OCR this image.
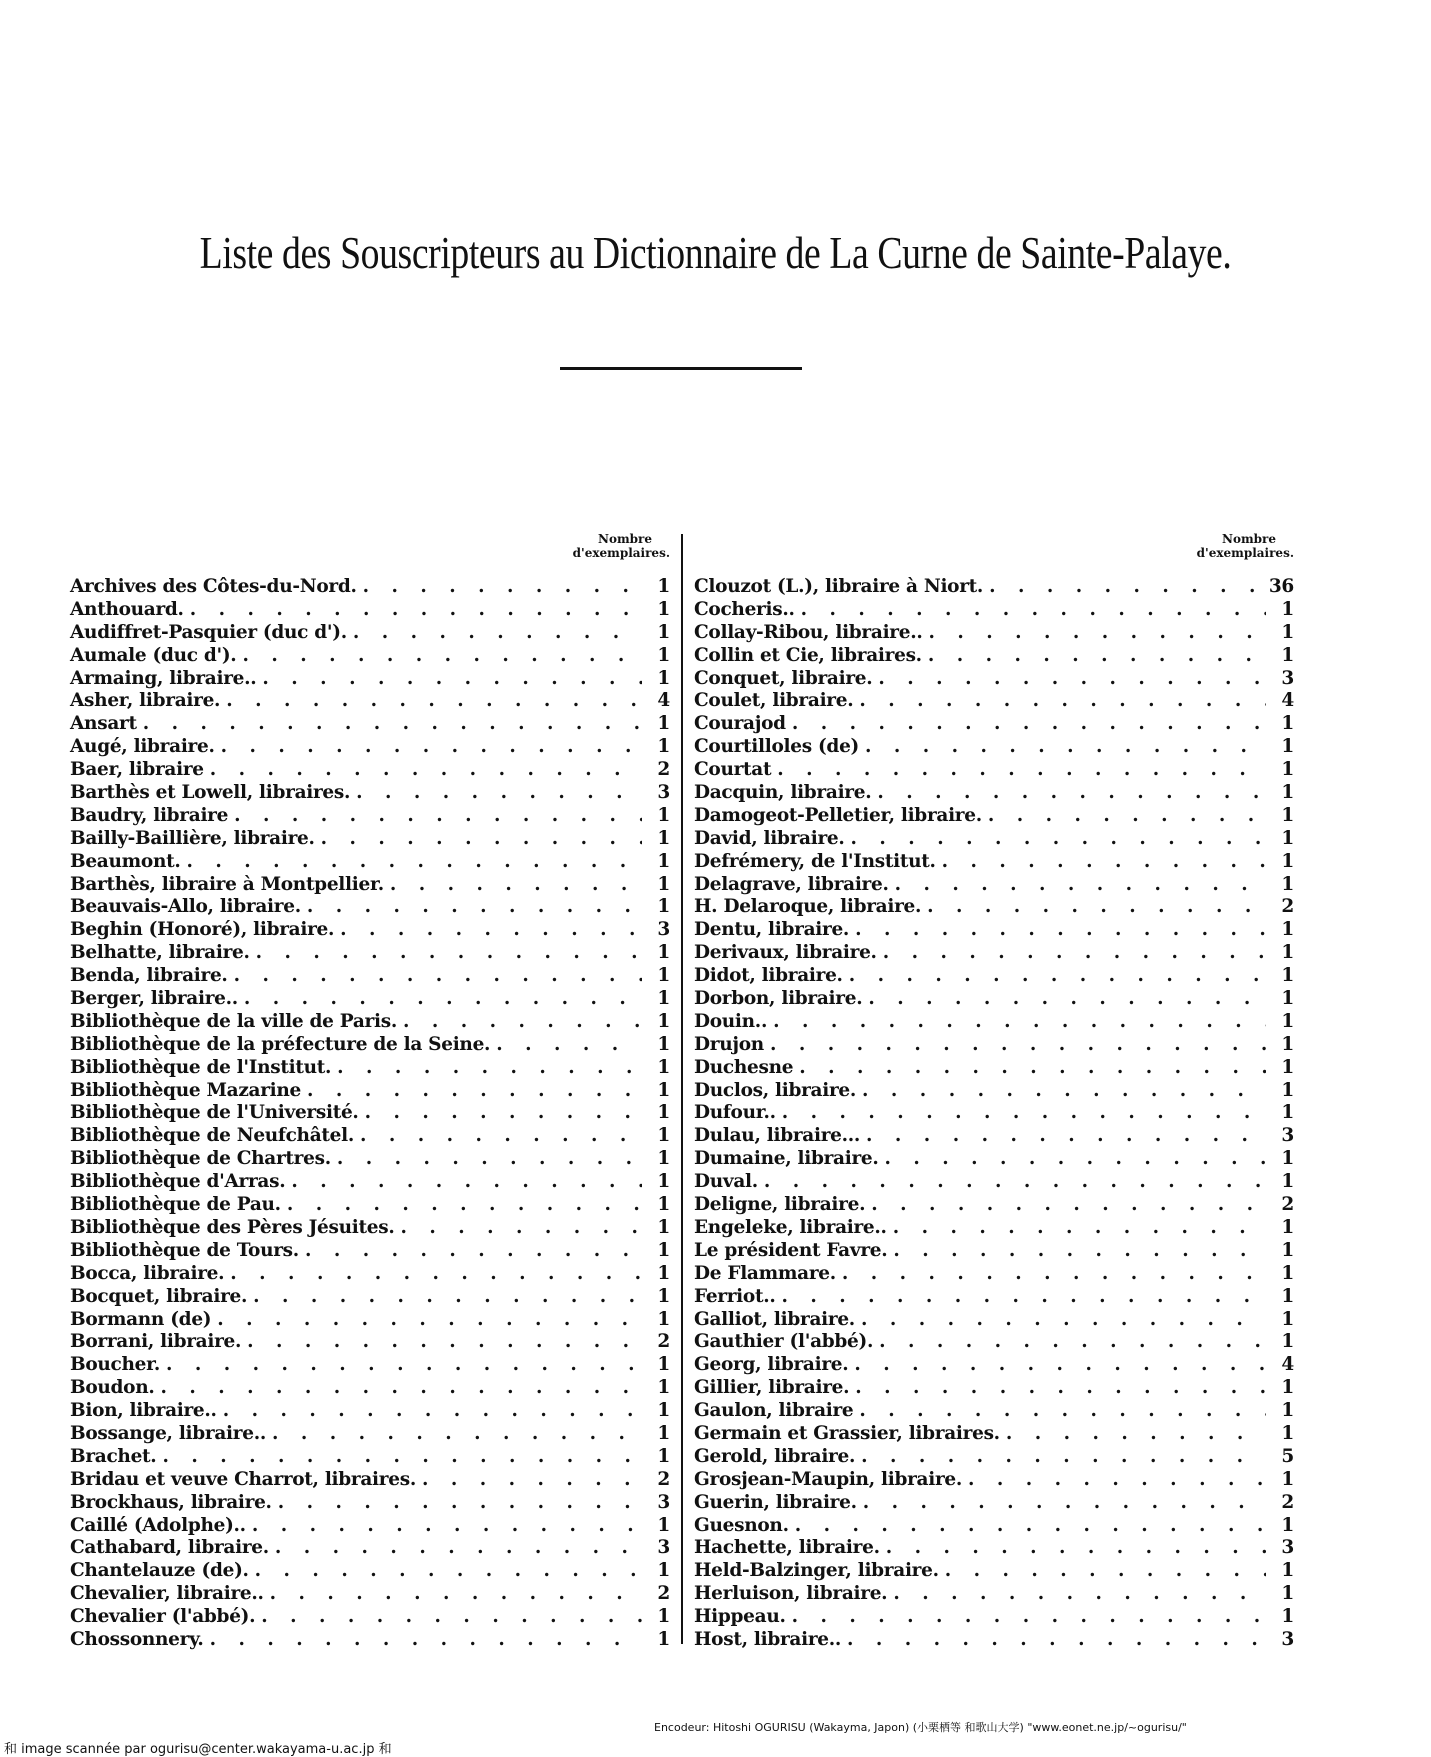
Liste des Souscripteurs au Dictionnaire de La Curne de Sainte-Palaye.
Nombre
d'exemplaires.
Archives des Côtes-du-Nord. . . .	1
Anthouard. . . .	1
Audiffret-Pasquier (duc d'). . . .	1
Aumale (duc d'). . . .	1
Armaing, libraire.. . . .	1
Asher, libraire. . . .	4
Ansart . . .	1
Augé, libraire. . . .	1
Baer, libraire . . .	2
Barthès et Lowell, libraires. . . .	3
Baudry, libraire . . .	1
Bailly-Baillière, libraire. . . .	1
Beaumont. . . .	1
Barthès, libraire à Montpellier. . . .	1
Beauvais-Allo, libraire. . . .	1
Beghin (Honoré), libraire. . . .	3
Belhatte, libraire. . . .	1
Benda, libraire. . . .	1
Berger, libraire.. . . .	1
Bibliothèque de la ville de Paris. . . .	1
Bibliothèque de la préfecture de la Seine. . . .	1
Bibliothèque de l'Institut. . . .	1
Bibliothèque Mazarine . . .	1
Bibliothèque de l'Université. . . .	1
Bibliothèque de Neufchâtel. . . .	1
Bibliothèque de Chartres. . . .	1
Bibliothèque d'Arras. . . .	1
Bibliothèque de Pau. . . .	1
Bibliothèque des Pères Jésuites. . . .	1
Bibliothèque de Tours. . . .	1
Bocca, libraire. . . .	1
Bocquet, libraire. . . .	1
Bormann (de) . . .	1
Borrani, libraire. . . .	2
Boucher. . . .	1
Boudon. . . .	1
Bion, libraire.. . . .	1
Bossange, libraire.. . . .	1
Brachet. . . .	1
Bridau et veuve Charrot, libraires. . . .	2
Brockhaus, libraire. . . .	3
Caillé (Adolphe).. . . .	1
Cathabard, libraire. . . .	3
Chantelauze (de). . . .	1
Chevalier, libraire.. . . .	2
Chevalier (l'abbé). . . .	1
Chossonnery. . . .	1
Nombre
d'exemplaires.
Clouzot (L.), libraire à Niort. . . .	36
Cocheris.. . . .	1
Collay-Ribou, libraire.. . . .	1
Collin et Cie, libraires. . . .	1
Conquet, libraire. . . .	3
Coulet, libraire. . . .	4
Courajod . . .	1
Courtilloles (de) . . .	1
Courtat . . .	1
Dacquin, libraire. . . .	1
Damogeot-Pelletier, libraire. . . .	1
David, libraire. . . .	1
Defrémery, de l'Institut. . . .	1
Delagrave, libraire. . . .	1
H. Delaroque, libraire. . . .	2
Dentu, libraire. . . .	1
Derivaux, libraire. . . .	1
Didot, libraire. . . .	1
Dorbon, libraire. . . .	1
Douin.. . . .	1
Drujon . . .	1
Duchesne . . .	1
Duclos, libraire. . . .	1
Dufour.. . . .	1
Dulau, libraire... . . .	3
Dumaine, libraire. . . .	1
Duval. . . .	1
Deligne, libraire. . . .	2
Engeleke, libraire.. . . .	1
Le président Favre. . . .	1
De Flammare. . . .	1
Ferriot.. . . .	1
Galliot, libraire. . . .	1
Gauthier (l'abbé). . . .	1
Georg, libraire. . . .	4
Gillier, libraire. . . .	1
Gaulon, libraire . . .	1
Germain et Grassier, libraires. . . .	1
Gerold, libraire. . . .	5
Grosjean-Maupin, libraire. . . .	1
Guerin, libraire. . . .	2
Guesnon. . . .	1
Hachette, libraire. . . .	3
Held-Balzinger, libraire. . . .	1
Herluison, libraire. . . .	1
Hippeau. . . .	1
Host, libraire.. . . .	3
Encodeur: Hitoshi OGURISU (Wakayma, Japon) (小栗栖等 和歌山大学) "www.eonet.ne.jp/~ogurisu/"
和 image scannée par ogurisu@center.wakayama-u.ac.jp 和
